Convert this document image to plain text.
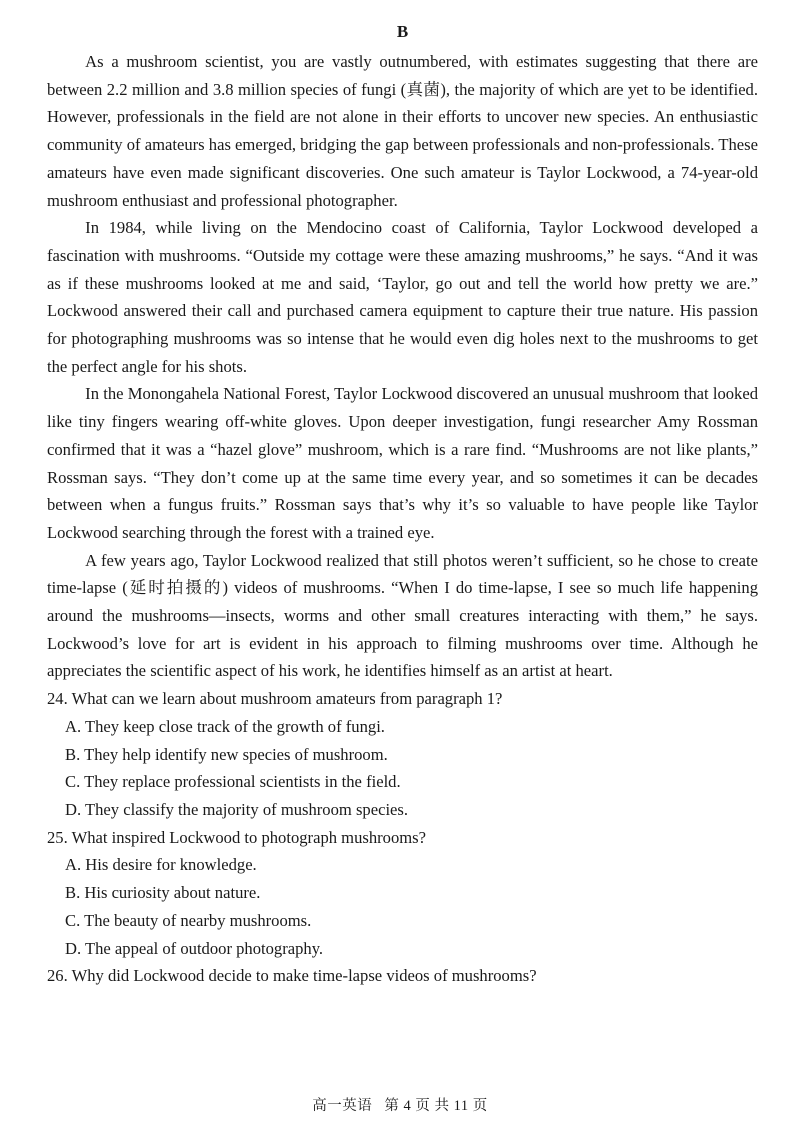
B

As a mushroom scientist, you are vastly outnumbered, with estimates suggesting that there are between 2.2 million and 3.8 million species of fungi (真菌), the majority of which are yet to be identified. However, professionals in the field are not alone in their efforts to uncover new species. An enthusiastic community of amateurs has emerged, bridging the gap between professionals and non-professionals. These amateurs have even made significant discoveries. One such amateur is Taylor Lockwood, a 74-year-old mushroom enthusiast and professional photographer.

In 1984, while living on the Mendocino coast of California, Taylor Lockwood developed a fascination with mushrooms. “Outside my cottage were these amazing mushrooms,” he says. “And it was as if these mushrooms looked at me and said, ‘Taylor, go out and tell the world how pretty we are.” Lockwood answered their call and purchased camera equipment to capture their true nature. His passion for photographing mushrooms was so intense that he would even dig holes next to the mushrooms to get the perfect angle for his shots.

In the Monongahela National Forest, Taylor Lockwood discovered an unusual mushroom that looked like tiny fingers wearing off-white gloves. Upon deeper investigation, fungi researcher Amy Rossman confirmed that it was a “hazel glove” mushroom, which is a rare find. “Mushrooms are not like plants,” Rossman says. “They don’t come up at the same time every year, and so sometimes it can be decades between when a fungus fruits.” Rossman says that’s why it’s so valuable to have people like Taylor Lockwood searching through the forest with a trained eye.

A few years ago, Taylor Lockwood realized that still photos weren’t sufficient, so he chose to create time-lapse (延时拍摄的) videos of mushrooms. “When I do time-lapse, I see so much life happening around the mushrooms—insects, worms and other small creatures interacting with them,” he says. Lockwood’s love for art is evident in his approach to filming mushrooms over time. Although he appreciates the scientific aspect of his work, he identifies himself as an artist at heart.

24. What can we learn about mushroom amateurs from paragraph 1?

A. They keep close track of the growth of fungi.

B. They help identify new species of mushroom.

C. They replace professional scientists in the field.

D. They classify the majority of mushroom species.

25. What inspired Lockwood to photograph mushrooms?

A. His desire for knowledge.

B. His curiosity about nature.

C. The beauty of nearby mushrooms.

D. The appeal of outdoor photography.

26. Why did Lockwood decide to make time-lapse videos of mushrooms?

高一英语 第 4 页 共 11 页
